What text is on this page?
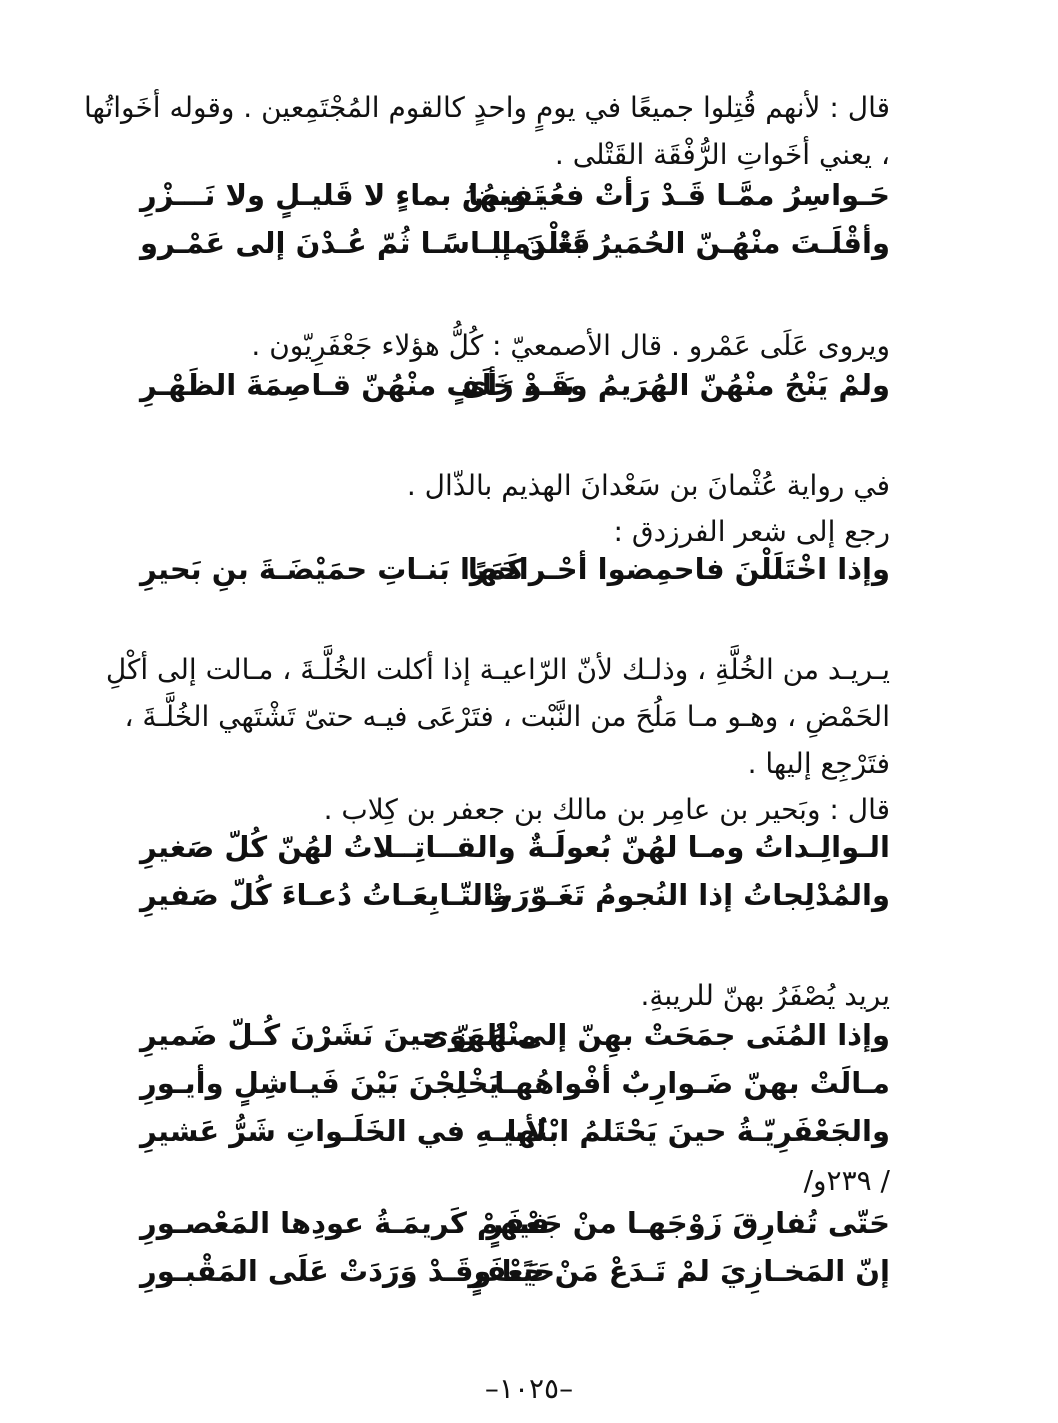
قال : لأنهم قُتِلوا جميعًا في يومٍ واحدٍ كالقوم المُجْتَمِعين . وقوله أخَواتُها
، يعني أخَواتِ الرُّفْقَة القَتْلى .
حَـواسِرُ ممَّـا قَـدْ رَأتْ فعُيـونهُا
تَفيضُ بماءٍ لا قَليـلٍ ولا نَـــزْرِ
وأقْلَـتَ منْهُـنّ الحُمَيرُ بَعْـدَمـا
قَتَلْنَ إبـاسًـا ثُمّ عُـدْنَ إلى عَمْـرو
ويروى عَلَى عَمْرو . قال الأصمعيّ : كُلُّ هؤلاء جَعْفَرِيّون .
ولمْ يَنْجُ منْهُنّ الهُرَيمُ وقَـدْ رَأى
بَنـو خَلَفٍ منْهُنّ قـاصِمَةَ الظَهْـرِ
في رواية عُثْمانَ بن سَعْدانَ الهذيم بالذّال .
رجع إلى شعر الفرزدق :
وإذا اخْتَلَلْنَ فاحمِضوا أحْـراحَها
كَمَرًا بَنـاتِ حمَيْضَـةَ بنِ بَحيرِ
يـريـد من الخُلَّةِ ، وذلـك لأنّ الرّاعيـة إذا أكلت الخُلَّـةَ ، مـالت إلى أكْلِ
الحَمْضِ ، وهـو مـا مَلُحَ من النَّبْت ، فتَرْعَى فيـه حتىّ تَشْتَهي الخُلَّـةَ ،
فتَرْجِع إليها .
قال : وبَحير بن عامِر بن مالك بن جعفر بن كِلاب .
الـوالِـداتُ ومـا لهُنّ بُعولَـةٌ
والقــاتِــلاتُ لهُنّ كُلّ صَغيرِ
والمُدْلِجاتُ إذا النُجومُ تَغَـوّرَتْ
والتّـابِعَـاتُ دُعـاءَ كُلّ صَفيرِ
يريد يُصْفَرُ بهنّ للريبةِ.
وإذا المُنَى جمَحَتْ بهِنّ إلى الهَوَى
منْهُـنّ حينَ نَشَرْنَ كُـلّ ضَميرِ
مـالَتْ بهنّ ضَـوارِبٌ أفْواهُهـا
يَخْلِجْنَ بَيْنَ فَيـاشِلٍ وأيـورِ
والجَعْفَرِيّـةُ حينَ يَحْتَلمُ ابْنُها
لأبيـهِ في الخَلَـواتِ شَرُّ عَشيرِ
/ ٢٣٩و/
حَتّى تُفارِقَ زَوْجَهـا منْ جَعْفَرٍ
فيهمْ كَريمَـةُ عودِها المَعْصـورِ
إنّ المَخـازِيَ لمْ تَـدَعْ مَنْ جَعْفَرٍ
حَيًـا وقَـدْ وَرَدَتْ عَلَى المَقْبـورِ
–١٠٢٥–
